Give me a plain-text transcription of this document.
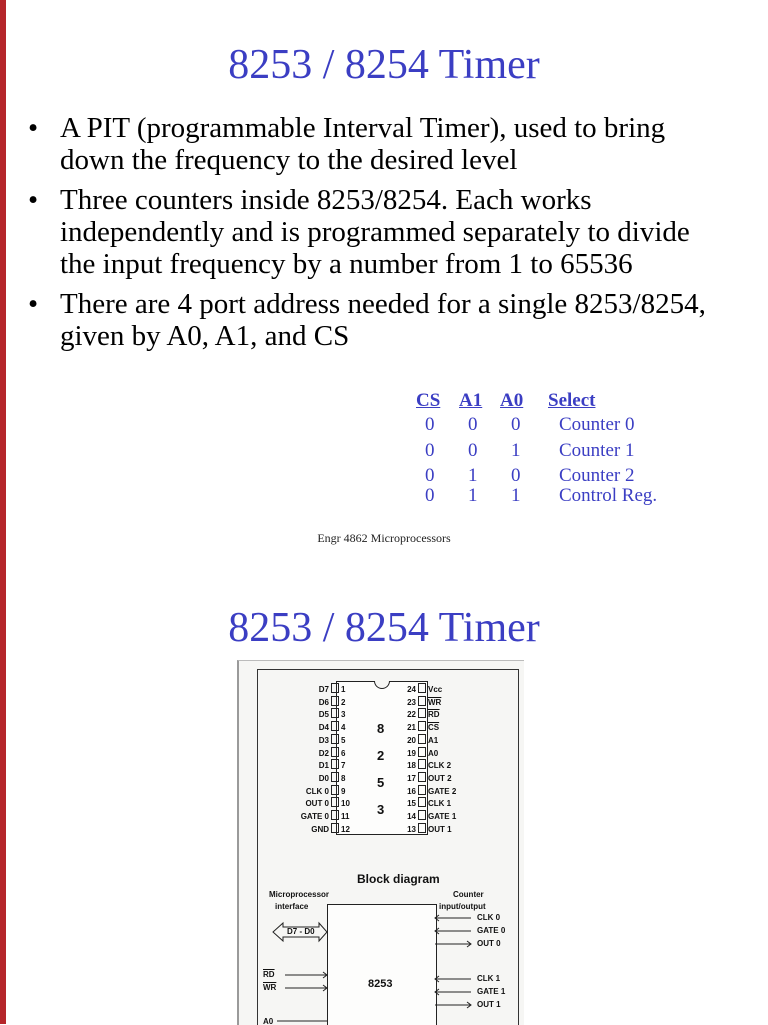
8253 / 8254 Timer
• A PIT (programmable Interval Timer), used to bring down the frequency to the desired level
• Three counters inside 8253/8254. Each works independently and is programmed separately to divide the input frequency by a number from 1 to 65536
• There are 4 port address needed for a single 8253/8254, given by A0, A1, and CS
CS A1 A0 Select
0 0 0 Counter 0
0 0 1 Counter 1
0 1 0 Counter 2
0 1 1 Control Reg.
Engr 4862 Microprocessors
8253 / 8254 Timer
D7 1
D6 2
D5 3
D4 4
D3 5
D2 6
D1 7
D0 8
CLK 0 9
OUT 0 10
GATE 0 11
GND 12
24 Vcc
23 $\overline{WR}$
22 $\overline{RD}$
21 $\overline{CS}$
20 A1
19 A0
18 CLK 2
17 OUT 2
16 GATE 2
15 CLK 1
14 GATE 1
13 OUT 1
8
2
5
3
Block diagram
Microprocessor
interface
Counter
input/output
8253
D7 - D0
$\overline{RD}$
$\overline{WR}$
A0
CLK 0
GATE 0
OUT 0
CLK 1
GATE 1
OUT 1
